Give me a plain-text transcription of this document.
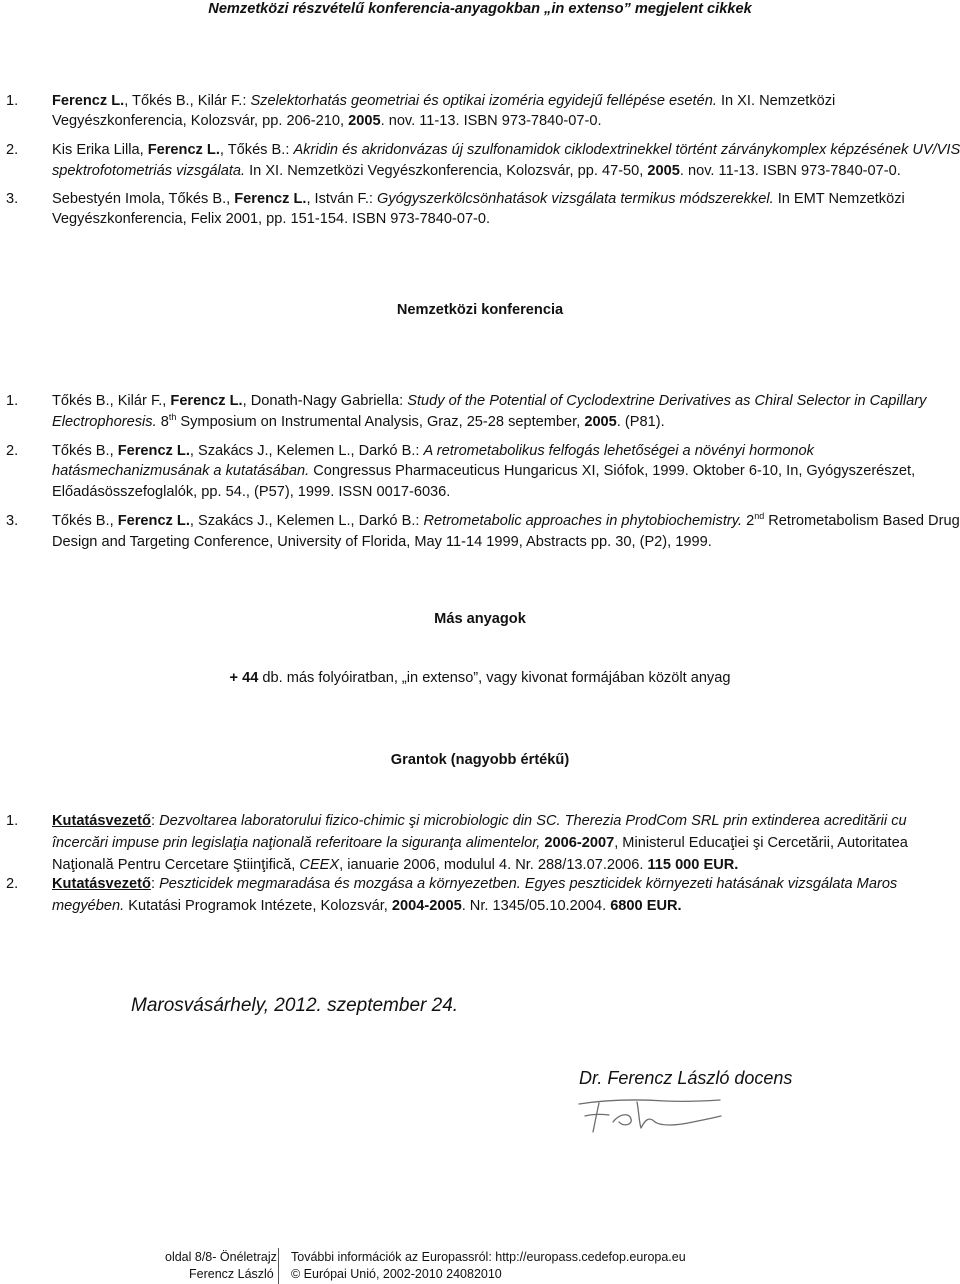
Nemzetközi részvételű konferencia-anyagokban „in extenso” megjelent cikkek
1. Ferencz L., Tőkés B., Kilár F.: Szelektorhatás geometriai és optikai izoméria egyidejű fellépése esetén. In XI. Nemzetközi
Vegyészkonferencia, Kolozsvár, pp. 206-210, 2005. nov. 11-13. ISBN 973-7840-07-0.
2. Kis Erika Lilla, Ferencz L., Tőkés B.: Akridin és akridonvázas új szulfonamidok ciklodextrinekkel történt zárványkomplex képzésének UV/VIS
spektrofotometriás vizsgálata. In XI. Nemzetközi Vegyészkonferencia, Kolozsvár, pp. 47-50, 2005. nov. 11-13. ISBN 973-7840-07-0.
3. Sebestyén Imola, Tőkés B., Ferencz L., István F.: Gyógyszerkölcsönhatások vizsgálata termikus módszerekkel. In EMT Nemzetközi
Vegyészkonferencia, Felix 2001, pp. 151-154. ISBN 973-7840-07-0.
Nemzetközi konferencia
1. Tőkés B., Kilár F., Ferencz L., Donath-Nagy Gabriella: Study of the Potential of Cyclodextrine Derivatives as Chiral Selector in Capillary
Electrophoresis. 8th Symposium on Instrumental Analysis, Graz, 25-28 september, 2005. (P81).
2. Tőkés B., Ferencz L., Szakács J., Kelemen L., Darkó B.: A retrometabolikus felfogás lehetőségei a növényi hormonok
hatásmechanizmusának a kutatásában. Congressus Pharmaceuticus Hungaricus XI, Siófok, 1999. Oktober 6-10, In, Gyógyszerészet,
Előadásösszefoglalók, pp. 54., (P57), 1999. ISSN 0017-6036.
3. Tőkés B., Ferencz L., Szakács J., Kelemen L., Darkó B.: Retrometabolic approaches in phytobiochemistry. 2nd Retrometabolism Based Drug
Design and Targeting Conference, University of Florida, May 11-14 1999, Abstracts pp. 30, (P2), 1999.
Más anyagok
+ 44 db. más folyóiratban, „in extenso”, vagy kivonat formájában közölt anyag
Grantok (nagyobb értékű)
1. Kutatásvezető: Dezvoltarea laboratorului fizico-chimic şi microbiologic din SC. Therezia ProdCom SRL prin extinderea acreditării cu încercări impuse prin legislaţia naţională referitoare la siguranţa alimentelor, 2006-2007, Ministerul Educaţiei şi Cercetării, Autoritatea Naţională Pentru Cercetare Ştiinţifică, CEEX, ianuarie 2006, modulul 4. Nr. 288/13.07.2006. 115 000 EUR.
2. Kutatásvezető: Peszticidek megmaradása és mozgása a környezetben. Egyes peszticidek környezeti hatásának vizsgálata Maros megyében. Kutatási Programok Intézete, Kolozsvár, 2004-2005. Nr. 1345/05.10.2004. 6800 EUR.
Marosvásárhely, 2012. szeptember 24.
Dr. Ferencz László docens
oldal 8/8- Önéletrajz
Ferencz László
További információk az Europassról: http://europass.cedefop.europa.eu
© Európai Unió, 2002-2010 24082010
